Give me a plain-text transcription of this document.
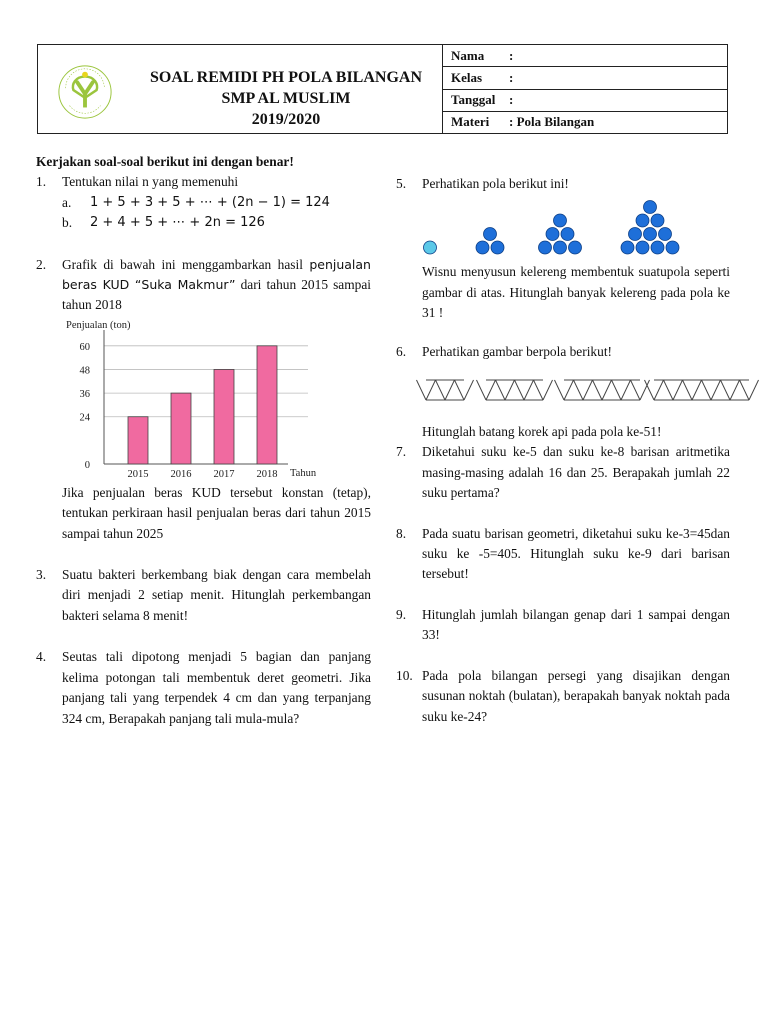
SOAL REMIDI PH POLA BILANGAN
SMP AL MUSLIM
2019/2020
Nama	:
Kelas	:
Tanggal	:
Materi	: Pola Bilangan
Kerjakan soal-soal berikut ini dengan benar!
1.	Tentukan nilai n yang memenuhi
a.	1 + 5 + 3 + 5 + ⋯ + (2n − 1) = 124
b.	2 + 4 + 5 + ⋯ + 2n = 126
2.	Grafik di bawah ini menggambarkan hasil penjualan beras KUD “Suka Makmur” dari tahun 2015 sampai tahun 2018
Penjualan (ton)
0
24
36
48
60
2015 2016 2017 2018 Tahun
Jika penjualan beras KUD tersebut konstan (tetap), tentukan perkiraan hasil penjualan beras dari tahun 2015 sampai tahun 2025
3.	Suatu bakteri berkembang biak dengan cara membelah diri menjadi 2 setiap menit. Hitunglah perkembangan bakteri selama 8 menit!
4.	Seutas tali dipotong menjadi 5 bagian dan panjang kelima potongan tali membentuk deret geometri. Jika panjang tali yang terpendek 4 cm dan yang terpanjang 324 cm, Berapakah panjang tali mula-mula?
5.	Perhatikan pola berikut ini!
Wisnu menyusun kelereng membentuk suatupola seperti gambar di atas. Hitunglah banyak kelereng pada pola ke 31 !
6.	Perhatikan gambar berpola berikut!
Hitunglah batang korek api pada pola ke-51!
7.	Diketahui suku ke-5 dan suku ke-8 barisan aritmetika masing-masing adalah 16 dan 25. Berapakah jumlah 22 suku pertama?
8.	Pada suatu barisan geometri, diketahui suku ke-3=45dan suku ke -5=405. Hitunglah suku ke-9 dari barisan tersebut!
9.	Hitunglah jumlah bilangan genap dari 1 sampai dengan 33!
10. Pada pola bilangan persegi yang disajikan dengan susunan noktah (bulatan), berapakah banyak noktah pada suku ke-24?
